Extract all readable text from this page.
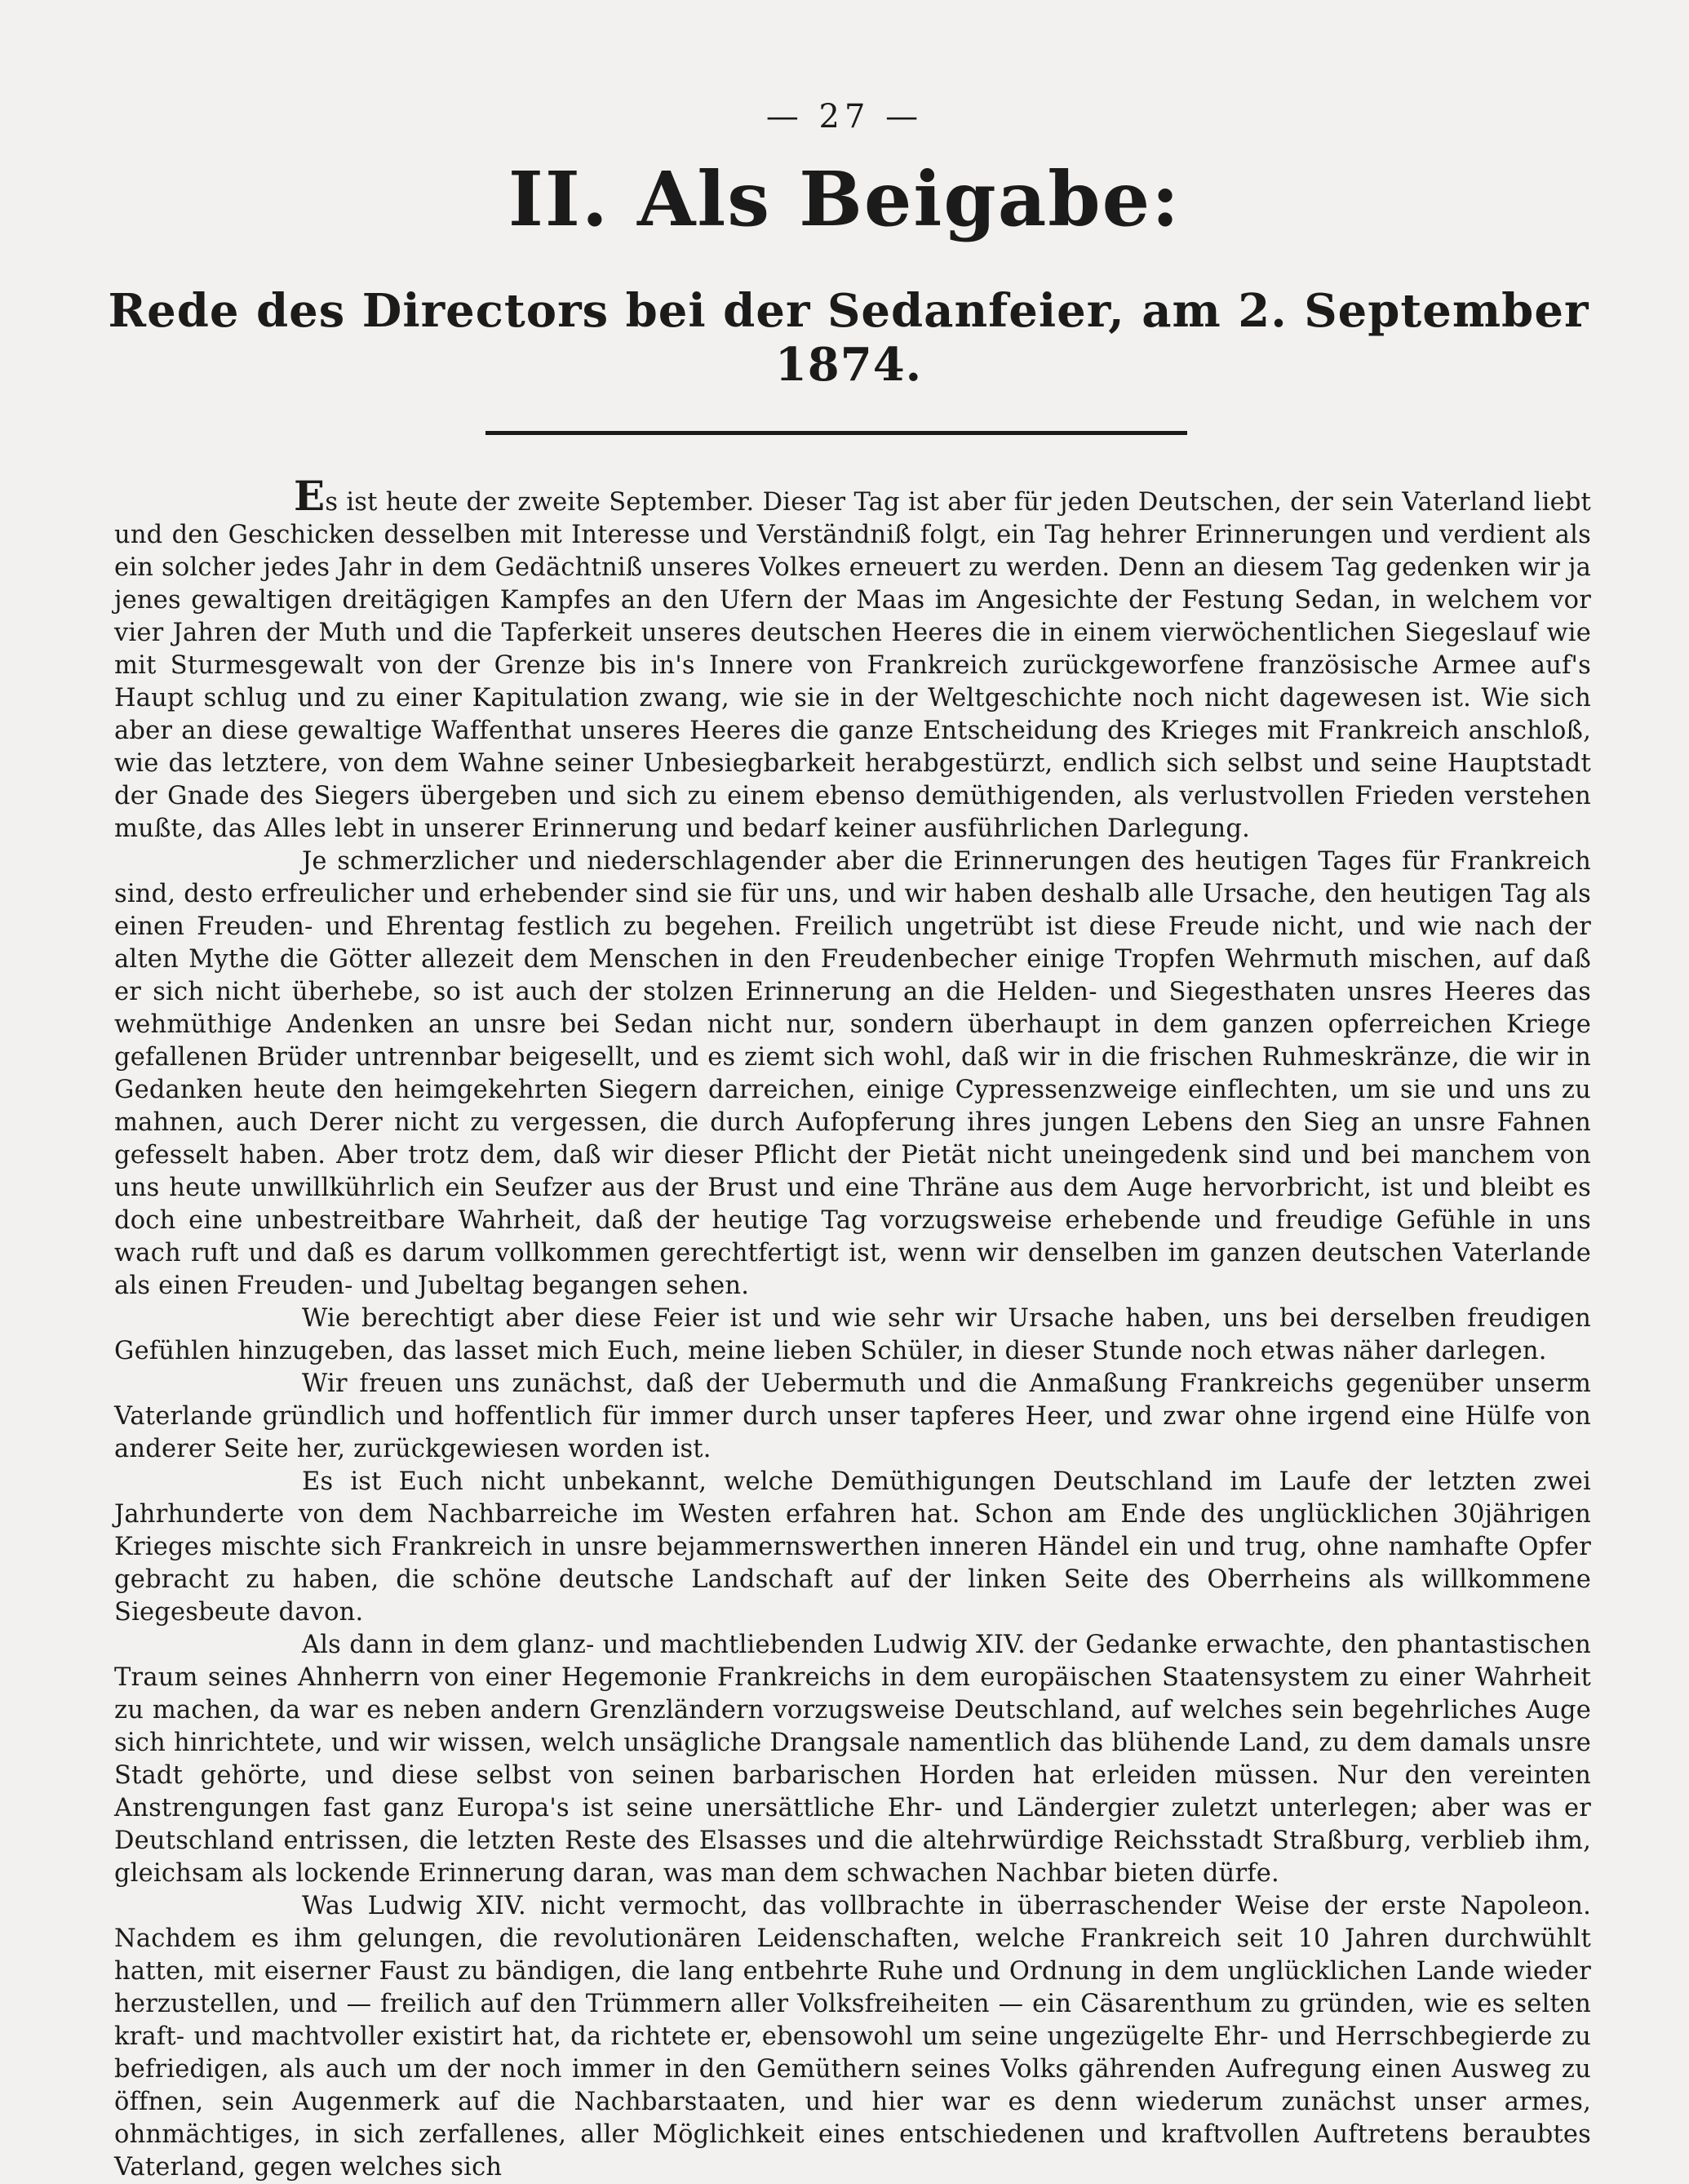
— 27 —
II. Als Beigabe:
Rede des Directors bei der Sedanfeier, am 2. September 1874.

Es ist heute der zweite September. Dieser Tag ist aber für jeden Deutschen, der sein Vaterland liebt und den Geschicken desselben mit Interesse und Verständniß folgt, ein Tag hehrer Erinnerungen und verdient als ein solcher jedes Jahr in dem Gedächtniß unseres Volkes erneuert zu werden. Denn an diesem Tag gedenken wir ja jenes gewaltigen dreitägigen Kampfes an den Ufern der Maas im Angesichte der Festung Sedan, in welchem vor vier Jahren der Muth und die Tapferkeit unseres deutschen Heeres die in einem vierwöchentlichen Siegeslauf wie mit Sturmesgewalt von der Grenze bis in's Innere von Frankreich zurückgeworfene französische Armee auf's Haupt schlug und zu einer Kapitulation zwang, wie sie in der Weltgeschichte noch nicht dagewesen ist. Wie sich aber an diese gewaltige Waffenthat unseres Heeres die ganze Entscheidung des Krieges mit Frankreich anschloß, wie das letztere, von dem Wahne seiner Unbesiegbarkeit herabgestürzt, endlich sich selbst und seine Hauptstadt der Gnade des Siegers übergeben und sich zu einem ebenso demüthigenden, als verlustvollen Frieden verstehen mußte, das Alles lebt in unserer Erinnerung und bedarf keiner ausführlichen Darlegung.

Je schmerzlicher und niederschlagender aber die Erinnerungen des heutigen Tages für Frankreich sind, desto erfreulicher und erhebender sind sie für uns, und wir haben deshalb alle Ursache, den heutigen Tag als einen Freuden- und Ehrentag festlich zu begehen. Freilich ungetrübt ist diese Freude nicht, und wie nach der alten Mythe die Götter allezeit dem Menschen in den Freudenbecher einige Tropfen Wehrmuth mischen, auf daß er sich nicht überhebe, so ist auch der stolzen Erinnerung an die Helden- und Siegesthaten unsres Heeres das wehmüthige Andenken an unsre bei Sedan nicht nur, sondern überhaupt in dem ganzen opferreichen Kriege gefallenen Brüder untrennbar beigesellt, und es ziemt sich wohl, daß wir in die frischen Ruhmeskränze, die wir in Gedanken heute den heimgekehrten Siegern darreichen, einige Cypressenzweige einflechten, um sie und uns zu mahnen, auch Derer nicht zu vergessen, die durch Aufopferung ihres jungen Lebens den Sieg an unsre Fahnen gefesselt haben. Aber trotz dem, daß wir dieser Pflicht der Pietät nicht uneingedenk sind und bei manchem von uns heute unwillkührlich ein Seufzer aus der Brust und eine Thräne aus dem Auge hervorbricht, ist und bleibt es doch eine unbestreitbare Wahrheit, daß der heutige Tag vorzugsweise erhebende und freudige Gefühle in uns wach ruft und daß es darum vollkommen gerechtfertigt ist, wenn wir denselben im ganzen deutschen Vaterlande als einen Freuden- und Jubeltag begangen sehen.

Wie berechtigt aber diese Feier ist und wie sehr wir Ursache haben, uns bei derselben freudigen Gefühlen hinzugeben, das lasset mich Euch, meine lieben Schüler, in dieser Stunde noch etwas näher darlegen.

Wir freuen uns zunächst, daß der Uebermuth und die Anmaßung Frankreichs gegenüber unserm Vaterlande gründlich und hoffentlich für immer durch unser tapferes Heer, und zwar ohne irgend eine Hülfe von anderer Seite her, zurückgewiesen worden ist.

Es ist Euch nicht unbekannt, welche Demüthigungen Deutschland im Laufe der letzten zwei Jahrhunderte von dem Nachbarreiche im Westen erfahren hat. Schon am Ende des unglücklichen 30jährigen Krieges mischte sich Frankreich in unsre bejammernswerthen inneren Händel ein und trug, ohne namhafte Opfer gebracht zu haben, die schöne deutsche Landschaft auf der linken Seite des Oberrheins als willkommene Siegesbeute davon.

Als dann in dem glanz- und machtliebenden Ludwig XIV. der Gedanke erwachte, den phantastischen Traum seines Ahnherrn von einer Hegemonie Frankreichs in dem europäischen Staatensystem zu einer Wahrheit zu machen, da war es neben andern Grenzländern vorzugsweise Deutschland, auf welches sein begehrliches Auge sich hinrichtete, und wir wissen, welch unsägliche Drangsale namentlich das blühende Land, zu dem damals unsre Stadt gehörte, und diese selbst von seinen barbarischen Horden hat erleiden müssen. Nur den vereinten Anstrengungen fast ganz Europa's ist seine unersättliche Ehr- und Ländergier zuletzt unterlegen; aber was er Deutschland entrissen, die letzten Reste des Elsasses und die altehrwürdige Reichsstadt Straßburg, verblieb ihm, gleichsam als lockende Erinnerung daran, was man dem schwachen Nachbar bieten dürfe.

Was Ludwig XIV. nicht vermocht, das vollbrachte in überraschender Weise der erste Napoleon. Nachdem es ihm gelungen, die revolutionären Leidenschaften, welche Frankreich seit 10 Jahren durchwühlt hatten, mit eiserner Faust zu bändigen, die lang entbehrte Ruhe und Ordnung in dem unglücklichen Lande wieder herzustellen, und — freilich auf den Trümmern aller Volksfreiheiten — ein Cäsarenthum zu gründen, wie es selten kraft- und machtvoller existirt hat, da richtete er, ebensowohl um seine ungezügelte Ehr- und Herrschbegierde zu befriedigen, als auch um der noch immer in den Gemüthern seines Volks gährenden Aufregung einen Ausweg zu öffnen, sein Augenmerk auf die Nachbarstaaten, und hier war es denn wiederum zunächst unser armes, ohnmächtiges, in sich zerfallenes, aller Möglichkeit eines entschiedenen und kraftvollen Auftretens beraubtes Vaterland, gegen welches sich
